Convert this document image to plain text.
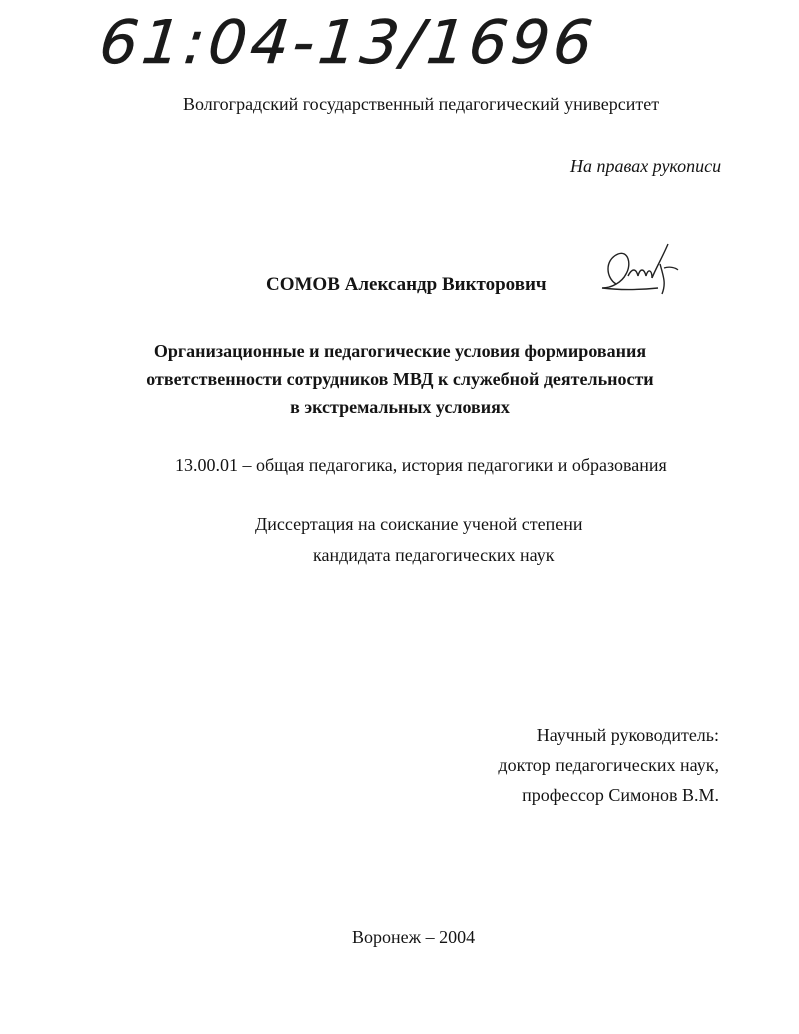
61:04-13/1696
Волгоградский государственный педагогический университет
На правах рукописи
СОМОВ Александр Викторович
Организационные и педагогические условия формирования
ответственности сотрудников МВД к служебной деятельности
в экстремальных условиях
13.00.01 – общая педагогика, история педагогики и образования
Диссертация на соискание ученой степени
кандидата педагогических наук
Научный руководитель:
доктор педагогических наук,
профессор Симонов В.М.
Воронеж – 2004
